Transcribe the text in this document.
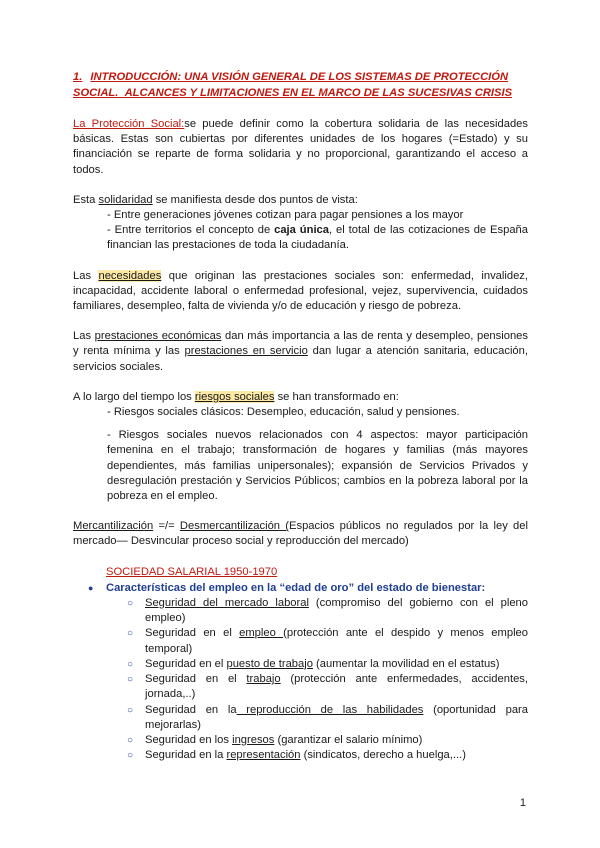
1. INTRODUCCIÓN: UNA VISIÓN GENERAL DE LOS SISTEMAS DE PROTECCIÓN SOCIAL. ALCANCES Y LIMITACIONES EN EL MARCO DE LAS SUCESIVAS CRISIS

La Protección Social:se puede definir como la cobertura solidaria de las necesidades básicas. Estas son cubiertas por diferentes unidades de los hogares (=Estado) y su financiación se reparte de forma solidaria y no proporcional, garantizando el acceso a todos.

Esta solidaridad se manifiesta desde dos puntos de vista:

- Entre generaciones jóvenes cotizan para pagar pensiones a los mayor

- Entre territorios el concepto de caja única, el total de las cotizaciones de España financian las prestaciones de toda la ciudadanía.

Las necesidades que originan las prestaciones sociales son: enfermedad, invalidez, incapacidad, accidente laboral o enfermedad profesional, vejez, supervivencia, cuidados familiares, desempleo, falta de vivienda y/o de educación y riesgo de pobreza.

Las prestaciones económicas dan más importancia a las de renta y desempleo, pensiones y renta mínima y las prestaciones en servicio dan lugar a atención sanitaria, educación, servicios sociales.

A lo largo del tiempo los riesgos sociales se han transformado en:

- Riesgos sociales clásicos: Desempleo, educación, salud y pensiones.

- Riesgos sociales nuevos relacionados con 4 aspectos: mayor participación femenina en el trabajo; transformación de hogares y familias (más mayores dependientes, más familias unipersonales); expansión de Servicios Privados y desregulación prestación y Servicios Públicos; cambios en la pobreza laboral por la pobreza en el empleo.

Mercantilización =/= Desmercantilización (Espacios públicos no regulados por la ley del mercado— Desvincular proceso social y reproducción del mercado)

SOCIEDAD SALARIAL 1950-1970
●	Características del empleo en la “edad de oro” del estado de bienestar:
○	Seguridad del mercado laboral (compromiso del gobierno con el pleno empleo)
○	Seguridad en el empleo (protección ante el despido y menos empleo temporal)
○	Seguridad en el puesto de trabajo (aumentar la movilidad en el estatus)
○	Seguridad en el trabajo (protección ante enfermedades, accidentes, jornada,..)
○	Seguridad en la reproducción de las habilidades (oportunidad para mejorarlas)
○	Seguridad en los ingresos (garantizar el salario mínimo)
○	Seguridad en la representación (sindicatos, derecho a huelga,...)
1
